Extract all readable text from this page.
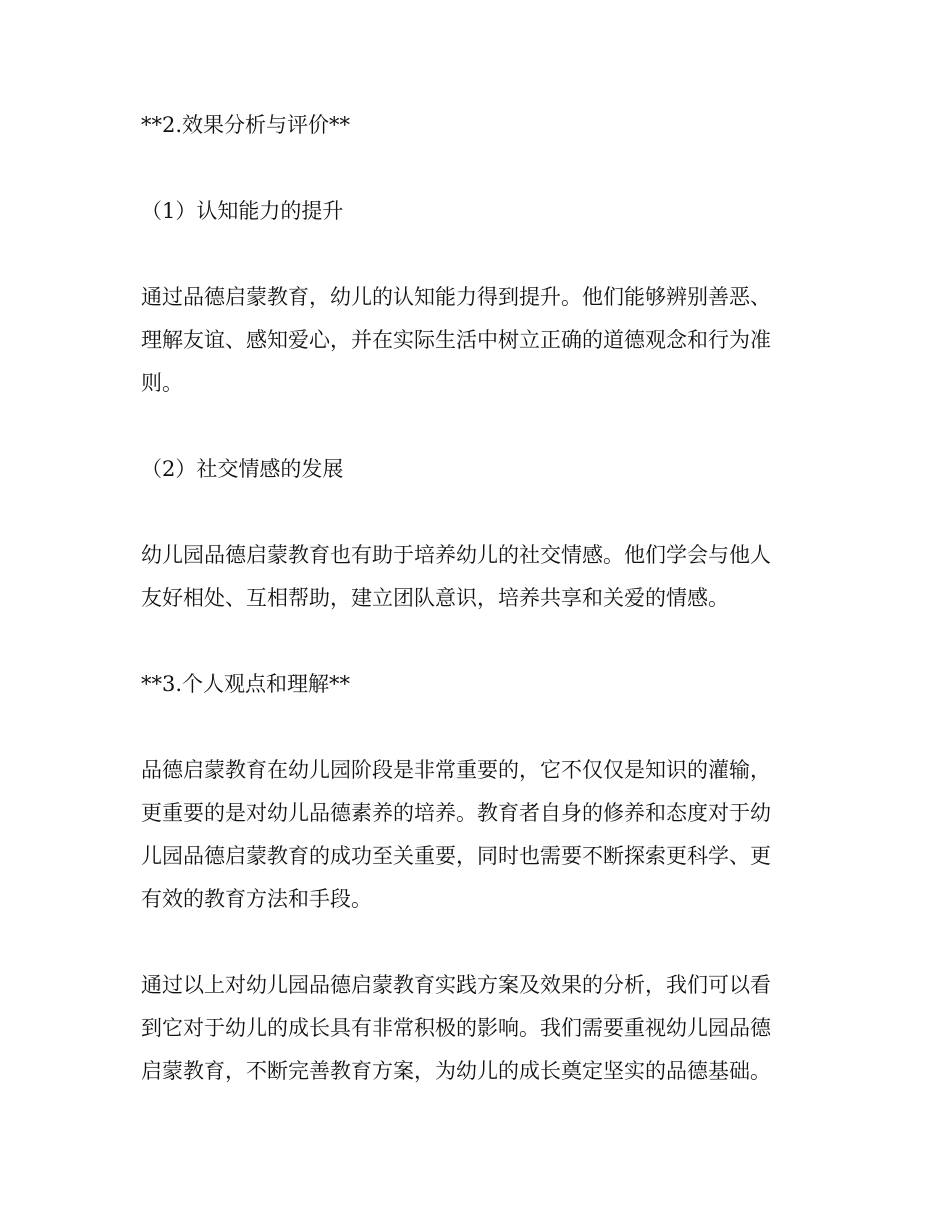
**2.效果分析与评价**

（1）认知能力的提升

通过品德启蒙教育，幼儿的认知能力得到提升。他们能够辨别善恶、
理解友谊、感知爱心，并在实际生活中树立正确的道德观念和行为准
则。

（2）社交情感的发展

幼儿园品德启蒙教育也有助于培养幼儿的社交情感。他们学会与他人
友好相处、互相帮助，建立团队意识，培养共享和关爱的情感。

**3.个人观点和理解**

品德启蒙教育在幼儿园阶段是非常重要的，它不仅仅是知识的灌输，
更重要的是对幼儿品德素养的培养。教育者自身的修养和态度对于幼
儿园品德启蒙教育的成功至关重要，同时也需要不断探索更科学、更
有效的教育方法和手段。

通过以上对幼儿园品德启蒙教育实践方案及效果的分析，我们可以看
到它对于幼儿的成长具有非常积极的影响。我们需要重视幼儿园品德
启蒙教育，不断完善教育方案，为幼儿的成长奠定坚实的品德基础。
